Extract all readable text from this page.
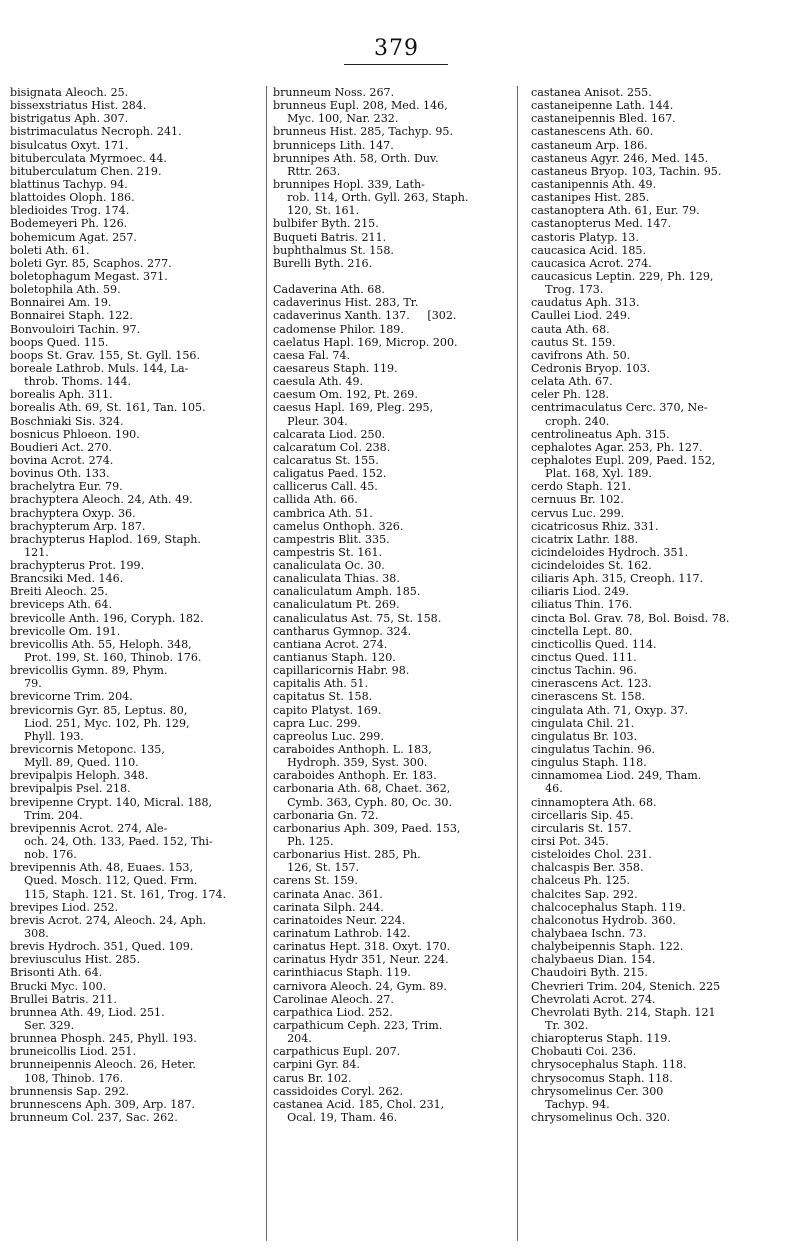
379
bisignata Aleoch. 25.
bissexstriatus Hist. 284.
bistrigatus Aph. 307.
bistrimaculatus Necroph. 241.
bisulcatus Oxyt. 171.
bituberculata Myrmoec. 44.
bituberculatum Chen. 219.
blattinus Tachyp. 94.
blattoides Oloph. 186.
bledioides Trog. 174.
Bodemeyeri Ph. 126.
bohemicum Agat. 257.
boleti Ath. 61.
boleti Gyr. 85, Scaphos. 277.
boletophagum Megast. 371.
boletophila Ath. 59.
Bonnairei Am. 19.
Bonnairei Staph. 122.
Bonvouloiri Tachin. 97.
boops Qued. 115.
boops St. Grav. 155, St. Gyll. 156.
boreale Lathrob. Muls. 144, La-
throb. Thoms. 144.
borealis Aph. 311.
borealis Ath. 69, St. 161, Tan. 105.
Boschniaki Sis. 324.
bosnicus Phloeon. 190.
Boudieri Act. 270.
bovina Acrot. 274.
bovinus Oth. 133.
brachelytra Eur. 79.
brachyptera Aleoch. 24, Ath. 49.
brachyptera Oxyp. 36.
brachypterum Arp. 187.
brachypterus Haplod. 169, Staph.
121.
brachypterus Prot. 199.
Brancsiki Med. 146.
Breiti Aleoch. 25.
breviceps Ath. 64.
brevicolle Anth. 196, Coryph. 182.
brevicolle Om. 191.
brevicollis Ath. 55, Heloph. 348,
Prot. 199, St. 160, Thinob. 176.
brevicollis Gymn. 89, Phym.
79.
brevicorne Trim. 204.
brevicornis Gyr. 85, Leptus. 80,
Liod. 251, Myc. 102, Ph. 129,
Phyll. 193.
brevicornis Metoponc. 135,
Myll. 89, Qued. 110.
brevipalpis Heloph. 348.
brevipalpis Psel. 218.
brevipenne Crypt. 140, Micral. 188,
Trim. 204.
brevipennis Acrot. 274, Ale-
och. 24, Oth. 133, Paed. 152, Thi-
nob. 176.
brevipennis Ath. 48, Euaes. 153,
Qued. Mosch. 112, Qued. Frm.
115, Staph. 121. St. 161, Trog. 174.
brevipes Liod. 252.
brevis Acrot. 274, Aleoch. 24, Aph.
308.
brevis Hydroch. 351, Qued. 109.
breviusculus Hist. 285.
Brisonti Ath. 64.
Brucki Myc. 100.
Brullei Batris. 211.
brunnea Ath. 49, Liod. 251.
Ser. 329.
brunnea Phosph. 245, Phyll. 193.
bruneicollis Liod. 251.
brunneipennis Aleoch. 26, Heter.
108, Thinob. 176.
brunnensis Sap. 292.
brunnescens Aph. 309, Arp. 187.
brunneum Col. 237, Sac. 262.
brunneum Noss. 267.
brunneus Eupl. 208, Med. 146,
Myc. 100, Nar. 232.
brunneus Hist. 285, Tachyp. 95.
brunniceps Lith. 147.
brunnipes Ath. 58, Orth. Duv.
Rttr. 263.
brunnipes Hopl. 339, Lath-
rob. 114, Orth. Gyll. 263, Staph.
120, St. 161.
bulbifer Byth. 215.
Buqueti Batris. 211.
buphthalmus St. 158.
Burelli Byth. 216.
Cadaverina Ath. 68.
cadaverinus Hist. 283, Tr.
cadaverinus Xanth. 137.     [302.
cadomense Philor. 189.
caelatus Hapl. 169, Microp. 200.
caesa Fal. 74.
caesareus Staph. 119.
caesula Ath. 49.
caesum Om. 192, Pt. 269.
caesus Hapl. 169, Pleg. 295,
Pleur. 304.
calcarata Liod. 250.
calcaratum Col. 238.
calcaratus St. 155.
caligatus Paed. 152.
callicerus Call. 45.
callida Ath. 66.
cambrica Ath. 51.
camelus Onthoph. 326.
campestris Blit. 335.
campestris St. 161.
canaliculata Oc. 30.
canaliculata Thias. 38.
canaliculatum Amph. 185.
canaliculatum Pt. 269.
canaliculatus Ast. 75, St. 158.
cantharus Gymnop. 324.
cantiana Acrot. 274.
cantianus Staph. 120.
capillaricornis Habr. 98.
capitalis Ath. 51.
capitatus St. 158.
capito Platyst. 169.
capra Luc. 299.
capreolus Luc. 299.
caraboides Anthoph. L. 183,
Hydroph. 359, Syst. 300.
caraboides Anthoph. Er. 183.
carbonaria Ath. 68, Chaet. 362,
Cymb. 363, Cyph. 80, Oc. 30.
carbonaria Gn. 72.
carbonarius Aph. 309, Paed. 153,
Ph. 125.
carbonarius Hist. 285, Ph.
126, St. 157.
carens St. 159.
carinata Anac. 361.
carinata Silph. 244.
carinatoides Neur. 224.
carinatum Lathrob. 142.
carinatus Hept. 318. Oxyt. 170.
carinatus Hydr 351, Neur. 224.
carinthiacus Staph. 119.
carnivora Aleoch. 24, Gym. 89.
Carolinae Aleoch. 27.
carpathica Liod. 252.
carpathicum Ceph. 223, Trim.
204.
carpathicus Eupl. 207.
carpini Gyr. 84.
carus Br. 102.
cassidoides Coryl. 262.
castanea Acid. 185, Chol. 231,
Ocal. 19, Tham. 46.
castanea Anisot. 255.
castaneipenne Lath. 144.
castaneipennis Bled. 167.
castanescens Ath. 60.
castaneum Arp. 186.
castaneus Agyr. 246, Med. 145.
castaneus Bryop. 103, Tachin. 95.
castanipennis Ath. 49.
castanipes Hist. 285.
castanoptera Ath. 61, Eur. 79.
castanopterus Med. 147.
castoris Platyp. 13.
caucasica Acid. 185.
caucasica Acrot. 274.
caucasicus Leptin. 229, Ph. 129,
Trog. 173.
caudatus Aph. 313.
Caullei Liod. 249.
cauta Ath. 68.
cautus St. 159.
cavifrons Ath. 50.
Cedronis Bryop. 103.
celata Ath. 67.
celer Ph. 128.
centrimaculatus Cerc. 370, Ne-
croph. 240.
centrolineatus Aph. 315.
cephalotes Agar. 253, Ph. 127.
cephalotes Eupl. 209, Paed. 152,
Plat. 168, Xyl. 189.
cerdo Staph. 121.
cernuus Br. 102.
cervus Luc. 299.
cicatricosus Rhiz. 331.
cicatrix Lathr. 188.
cicindeloides Hydroch. 351.
cicindeloides St. 162.
ciliaris Aph. 315, Creoph. 117.
ciliaris Liod. 249.
ciliatus Thin. 176.
cincta Bol. Grav. 78, Bol. Boisd. 78.
cinctella Lept. 80.
cincticollis Qued. 114.
cinctus Qued. 111.
cinctus Tachin. 96.
cinerascens Act. 123.
cinerascens St. 158.
cingulata Ath. 71, Oxyp. 37.
cingulata Chil. 21.
cingulatus Br. 103.
cingulatus Tachin. 96.
cingulus Staph. 118.
cinnamomea Liod. 249, Tham.
46.
cinnamoptera Ath. 68.
circellaris Sip. 45.
circularis St. 157.
cirsi Pot. 345.
cisteloides Chol. 231.
chalcaspis Ber. 358.
chalceus Ph. 125.
chalcites Sap. 292.
chalcocephalus Staph. 119.
chalconotus Hydrob. 360.
chalybaea Ischn. 73.
chalybeipennis Staph. 122.
chalybaeus Dian. 154.
Chaudoiri Byth. 215.
Chevrieri Trim. 204, Stenich. 225
Chevrolati Acrot. 274.
Chevrolati Byth. 214, Staph. 121
Tr. 302.
chiaropterus Staph. 119.
Chobauti Coi. 236.
chrysocephalus Staph. 118.
chrysocomus Staph. 118.
chrysomelinus Cer. 300
Tachyp. 94.
chrysomelinus Och. 320.
